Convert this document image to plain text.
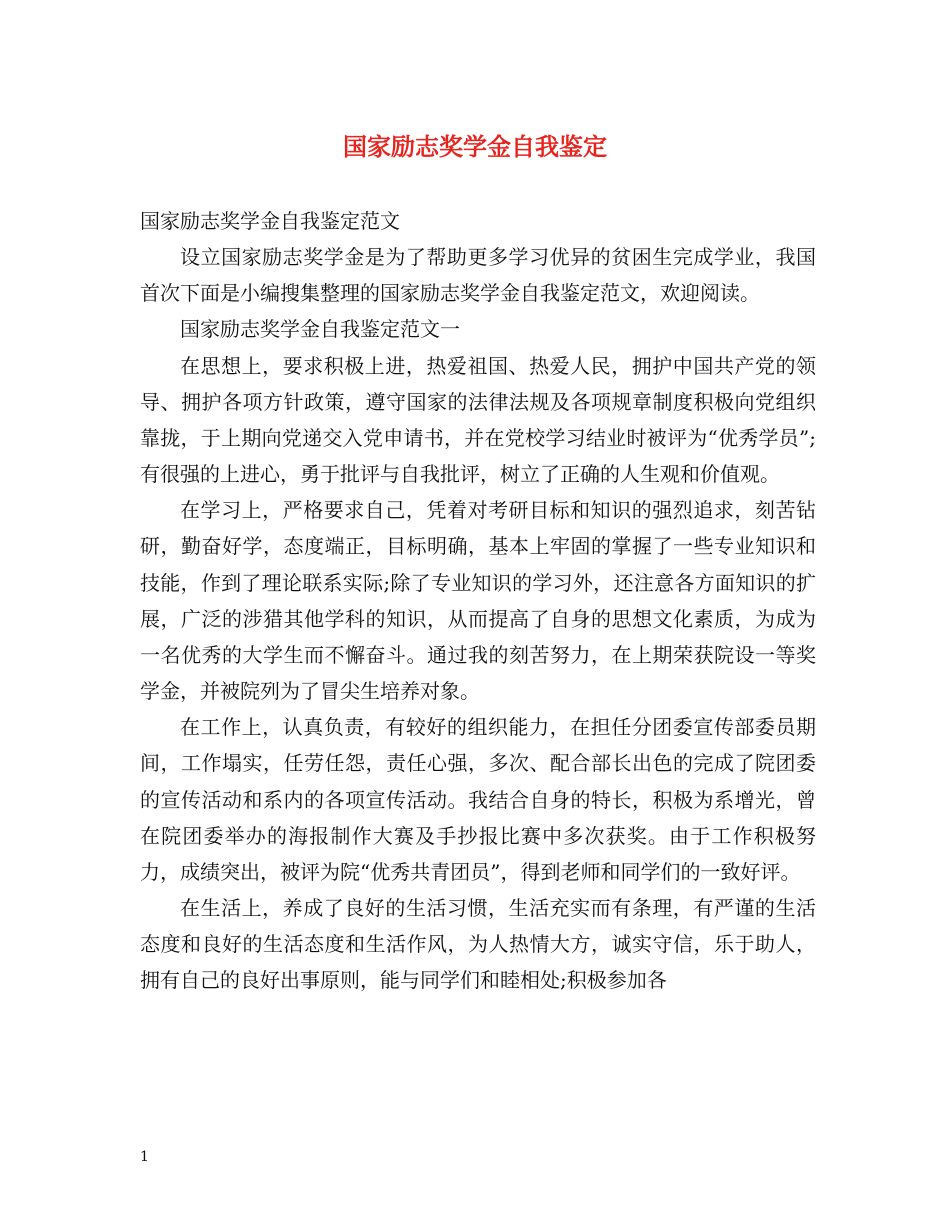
国家励志奖学金自我鉴定

国家励志奖学金自我鉴定范文

设立国家励志奖学金是为了帮助更多学习优异的贫困生完成学业，我国首次下面是小编搜集整理的国家励志奖学金自我鉴定范文，欢迎阅读。

国家励志奖学金自我鉴定范文一

在思想上，要求积极上进，热爱祖国、热爱人民，拥护中国共产党的领导、拥护各项方针政策，遵守国家的法律法规及各项规章制度积极向党组织靠拢，于上期向党递交入党申请书，并在党校学习结业时被评为“优秀学员”;有很强的上进心，勇于批评与自我批评，树立了正确的人生观和价值观。

在学习上，严格要求自己，凭着对考研目标和知识的强烈追求，刻苦钻研，勤奋好学，态度端正，目标明确，基本上牢固的掌握了一些专业知识和技能，作到了理论联系实际;除了专业知识的学习外，还注意各方面知识的扩展，广泛的涉猎其他学科的知识，从而提高了自身的思想文化素质，为成为一名优秀的大学生而不懈奋斗。通过我的刻苦努力，在上期荣获院设一等奖学金，并被院列为了冒尖生培养对象。

在工作上，认真负责，有较好的组织能力，在担任分团委宣传部委员期间，工作塌实，任劳任怨，责任心强，多次、配合部长出色的完成了院团委的宣传活动和系内的各项宣传活动。我结合自身的特长，积极为系增光，曾在院团委举办的海报制作大赛及手抄报比赛中多次获奖。由于工作积极努力，成绩突出，被评为院“优秀共青团员”，得到老师和同学们的一致好评。

在生活上，养成了良好的生活习惯，生活充实而有条理，有严谨的生活态度和良好的生活态度和生活作风，为人热情大方，诚实守信，乐于助人，拥有自己的良好出事原则，能与同学们和睦相处;积极参加各

1
